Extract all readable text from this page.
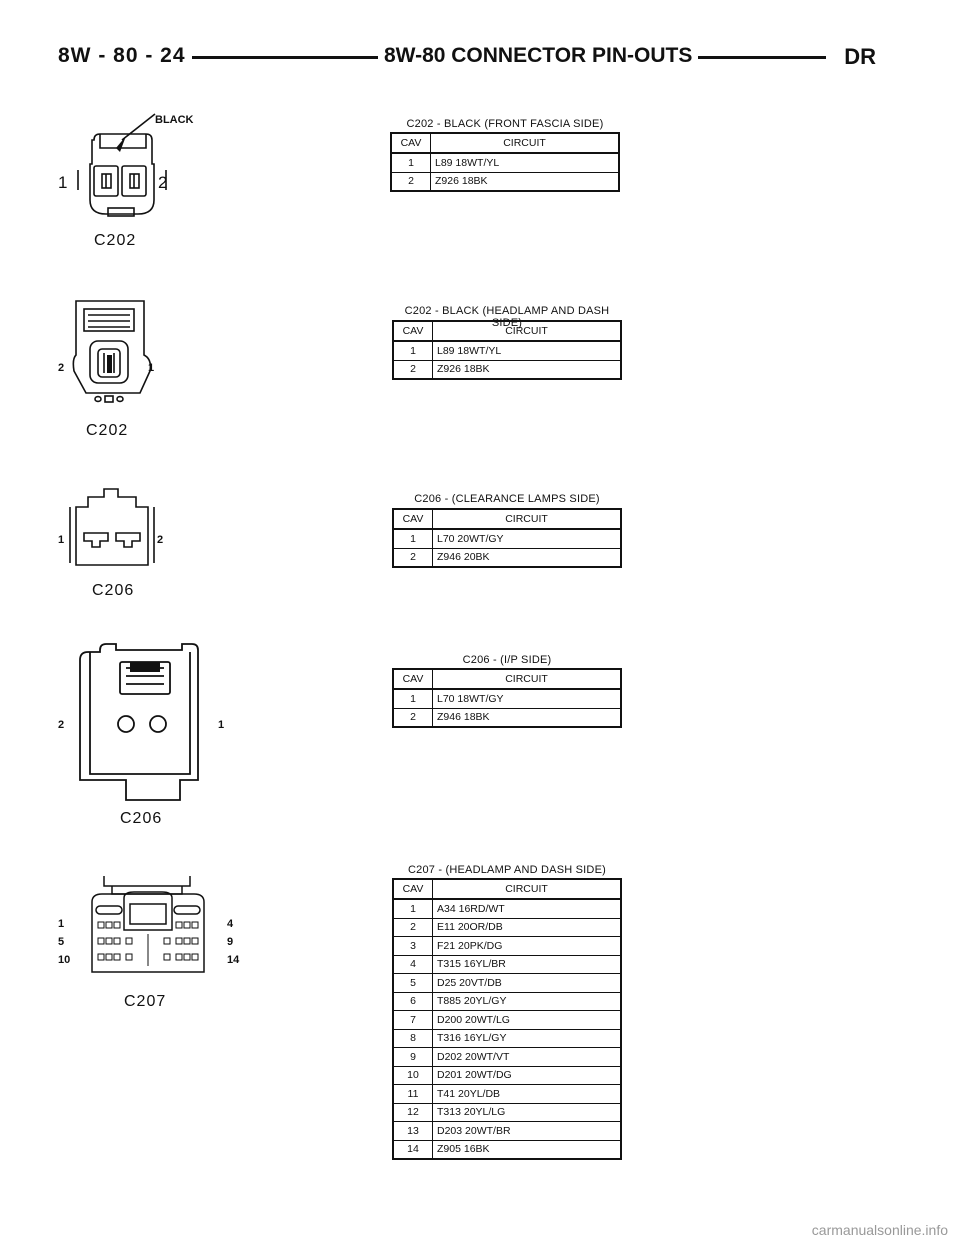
8W - 80 - 24	8W-80 CONNECTOR PIN-OUTS	DR
BLACK
1	2
C202
C202 - BLACK (FRONT FASCIA SIDE)
CAV	CIRCUIT
1	L89 18WT/YL
2	Z926 18BK
2	1
C202
C202 - BLACK (HEADLAMP AND DASH SIDE)
CAV	CIRCUIT
1	L89 18WT/YL
2	Z926 18BK
1	2
C206
C206 - (CLEARANCE LAMPS SIDE)
CAV	CIRCUIT
1	L70 20WT/GY
2	Z946 20BK
2	1
C206
C206 - (I/P SIDE)
CAV	CIRCUIT
1	L70 18WT/GY
2	Z946 18BK
1
5
10
4
9
14
C207
C207 - (HEADLAMP AND DASH SIDE)
CAV	CIRCUIT
1	A34 16RD/WT
2	E11 20OR/DB
3	F21 20PK/DG
4	T315 16YL/BR
5	D25 20VT/DB
6	T885 20YL/GY
7	D200 20WT/LG
8	T316 16YL/GY
9	D202 20WT/VT
10	D201 20WT/DG
11	T41 20YL/DB
12	T313 20YL/LG
13	D203 20WT/BR
14	Z905 16BK
carmanualsonline.info
